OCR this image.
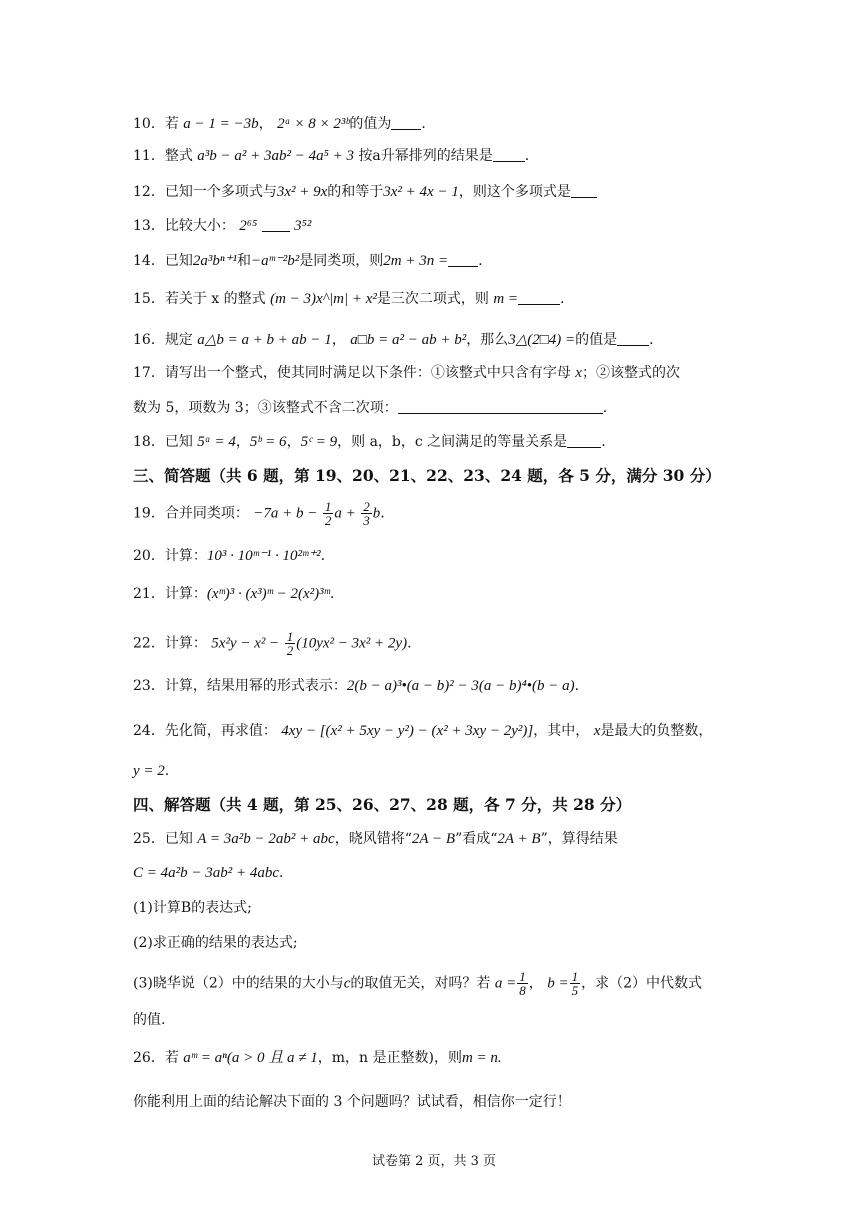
10．若 a − 1 = −3b， 2ᵃ × 8 × 2³ᵇ的值为 .
11．整式 a³b − a² + 3ab² − 4a⁵ + 3 按a升幂排列的结果是 .
12．已知一个多项式与3x² + 9x的和等于3x² + 4x − 1，则这个多项式是
13．比较大小： 2⁶⁵ 3⁵²
14．已知2a³bⁿ⁺¹和−aᵐ⁻²b²是同类项，则2m + 3n = .
15．若关于 x 的整式 (m − 3)x^|m| + x²是三次二项式，则 m =	.
16．规定 a△b = a + b + ab − 1， a□b = a² − ab + b²，那么3△(2□4) =的值是 .
17．请写出一个整式，使其同时满足以下条件：①该整式中只含有字母 x；②该整式的次
数为 5，项数为 3；③该整式不含二次项：	.
18．已知 5ᵃ = 4，5ᵇ = 6，5ᶜ = 9，则 a，b，c 之间满足的等量关系是 .
三、简答题（共 6 题，第 19、20、21、22、23、24 题，各 5 分，满分 30 分）
19．合并同类项： $-7a + b - \frac{1}{2}$ $a + \frac{2}{3} b$.
20．计算：10³ · 10ᵐ⁻¹ · 10²ᵐ⁺².
21．计算：(xᵐ)³ · (x³)ᵐ − 2(x²)³ᵐ.
22．计算： $5x^2y - x^2 - \frac{1}{2} (10yx^2 - 3x^2 + 2y)$.
23．计算，结果用幂的形式表示：2(b − a)³•(a − b)² − 3(a − b)⁴•(b − a).
24．先化简，再求值： 4xy − [(x² + 5xy − y²) − (x² + 3xy − 2y²)]，其中， x是最大的负整数，
y = 2.
四、解答题（共 4 题，第 25、26、27、28 题，各 7 分，共 28 分）
25．已知 A = 3a²b − 2ab² + abc，晓风错将“2A − B”看成“2A + B”，算得结果
C = 4a²b − 3ab² + 4abc.
(1)计算B的表达式;
(2)求正确的结果的表达式;
(3)晓华说（2）中的结果的大小与c的取值无关，对吗？若 $a = \frac{1}{8}$ ， $b = \frac{1}{5}$ ，求（2）中代数式
的值.
26．若 aᵐ = aⁿ(a > 0 且 a ≠ 1，m，n 是正整数)，则m = n.
你能利用上面的结论解决下面的 3 个问题吗？试试看，相信你一定行！
试卷第 2 页，共 3 页
